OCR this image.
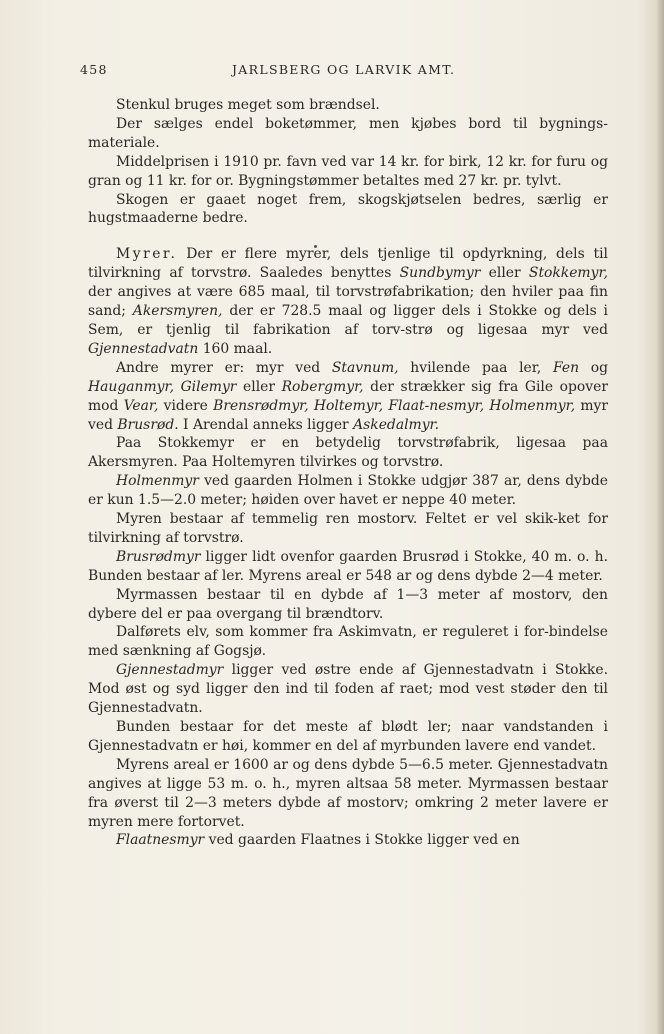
458	JARLSBERG OG LARVIK AMT.

Stenkul bruges meget som brændsel.

Der sælges endel boketømmer, men kjøbes bord til bygnings-materiale.

Middelprisen i 1910 pr. favn ved var 14 kr. for birk, 12 kr. for furu og gran og 11 kr. for or. Bygningstømmer betaltes med 27 kr. pr. tylvt.

Skogen er gaaet noget frem, skogskjøtselen bedres, særlig er hugstmaaderne bedre.

Myrer. Der er flere myrer, dels tjenlige til opdyrkning, dels til tilvirkning af torvstrø. Saaledes benyttes Sundbymyr eller Stokkemyr, der angives at være 685 maal, til torvstrøfabrikation; den hviler paa fin sand; Akersmyren, der er 728.5 maal og ligger dels i Stokke og dels i Sem, er tjenlig til fabrikation af torv-strø og ligesaa myr ved Gjennestadvatn 160 maal.

Andre myrer er: myr ved Stavnum, hvilende paa ler, Fen og Hauganmyr, Gilemyr eller Robergmyr, der strækker sig fra Gile opover mod Vear, videre Brensrødmyr, Holtemyr, Flaat-nesmyr, Holmenmyr, myr ved Brusrød. I Arendal anneks ligger Askedalmyr.

Paa Stokkemyr er en betydelig torvstrøfabrik, ligesaa paa Akersmyren. Paa Holtemyren tilvirkes og torvstrø.

Holmenmyr ved gaarden Holmen i Stokke udgjør 387 ar, dens dybde er kun 1.5—2.0 meter; høiden over havet er neppe 40 meter.

Myren bestaar af temmelig ren mostorv. Feltet er vel skik-ket for tilvirkning af torvstrø.

Brusrødmyr ligger lidt ovenfor gaarden Brusrød i Stokke, 40 m. o. h. Bunden bestaar af ler. Myrens areal er 548 ar og dens dybde 2—4 meter.

Myrmassen bestaar til en dybde af 1—3 meter af mostorv, den dybere del er paa overgang til brændtorv.

Dalførets elv, som kommer fra Askimvatn, er reguleret i for-bindelse med sænkning af Gogsjø.

Gjennestadmyr ligger ved østre ende af Gjennestadvatn i Stokke. Mod øst og syd ligger den ind til foden af raet; mod vest støder den til Gjennestadvatn.

Bunden bestaar for det meste af blødt ler; naar vandstanden i Gjennestadvatn er høi, kommer en del af myrbunden lavere end vandet.

Myrens areal er 1600 ar og dens dybde 5—6.5 meter. Gjennestadvatn angives at ligge 53 m. o. h., myren altsaa 58 meter. Myrmassen bestaar fra øverst til 2—3 meters dybde af mostorv; omkring 2 meter lavere er myren mere fortorvet.

Flaatnesmyr ved gaarden Flaatnes i Stokke ligger ved en
